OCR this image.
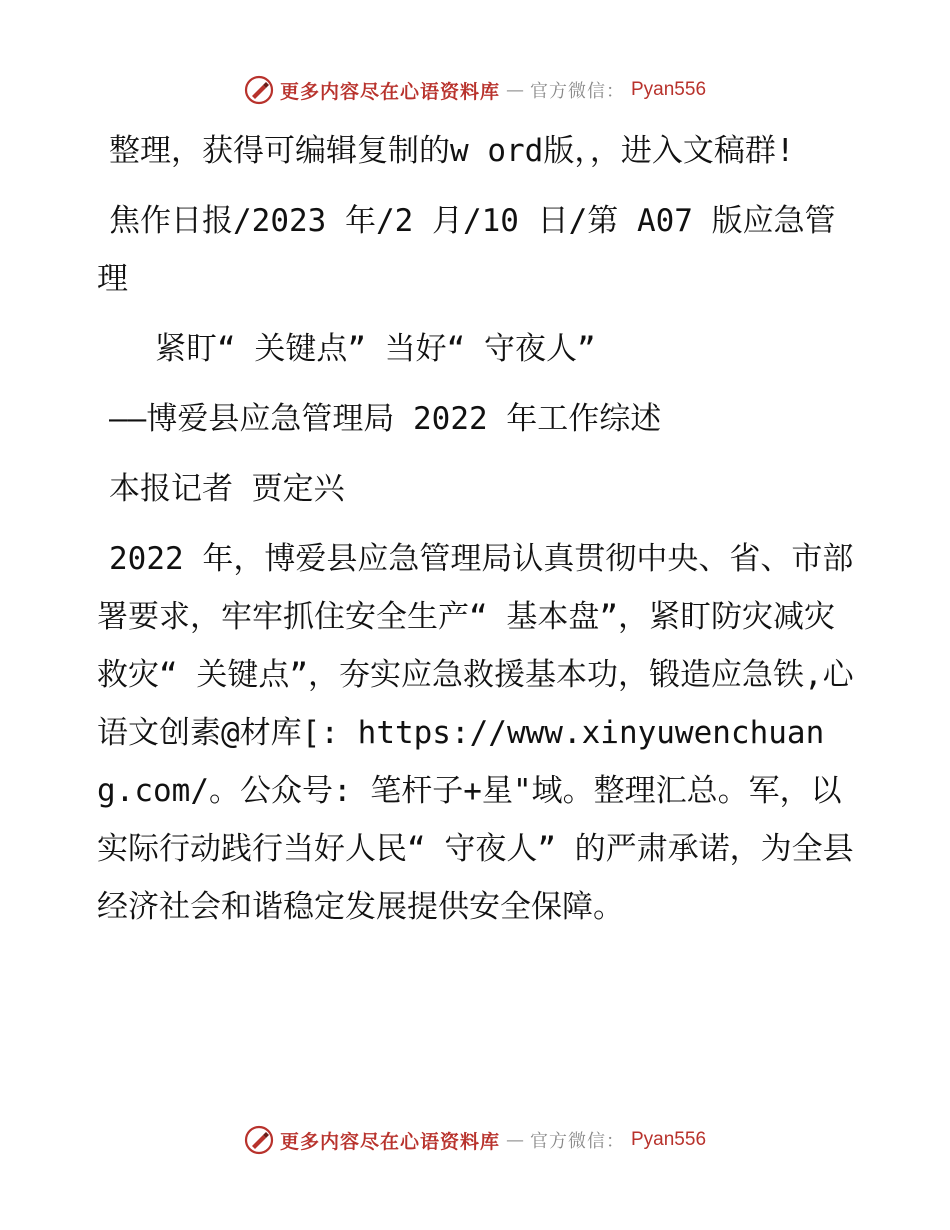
更多内容尽在心语资料库 — 官方微信： Pyan556

整理，获得可编辑复制的w ord版，，进入文稿群!

焦作日报/2023 年/2 月/10 日/第 A07 版应急管理

紧盯“ 关键点” 当好“ 守夜人”

——博爱县应急管理局 2022 年工作综述

本报记者 贾定兴

2022 年，博爱县应急管理局认真贯彻中央、省、市部署要求，牢牢抓住安全生产“ 基本盘”，紧盯防灾减灾救灾“ 关键点”，夯实应急救援基本功，锻造应急铁,心语文创素@材库[: https://www.xinyuwenchuang.com/。公众号: 笔杆子+星"域。整理汇总。军，以实际行动践行当好人民“ 守夜人” 的严肃承诺，为全县经济社会和谐稳定发展提供安全保障。

更多内容尽在心语资料库 — 官方微信： Pyan556
